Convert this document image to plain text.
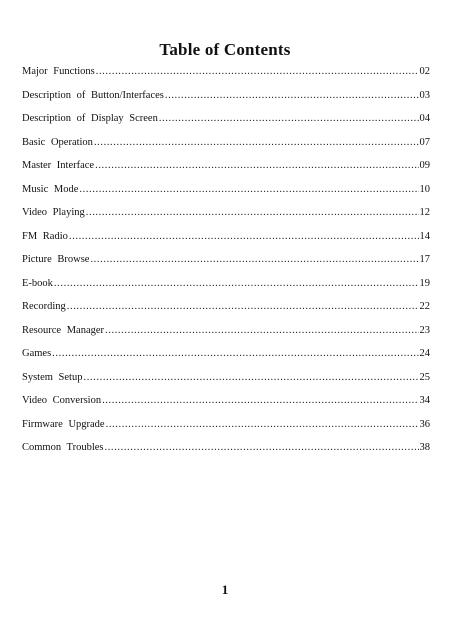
Table of Contents
Major Functions .....	02
Description of Button/Interfaces .....	03
Description of Display Screen .....	04
Basic Operation .....	07
Master Interface .....	09
Music Mode .....	10
Video Playing .....	12
FM Radio .....	14
Picture Browse .....	17
E-book .....	19
Recording .....	22
Resource Manager .....	23
Games .....	24
System Setup .....	25
Video Conversion .....	34
Firmware Upgrade .....	36
Common Troubles .....	38
1
